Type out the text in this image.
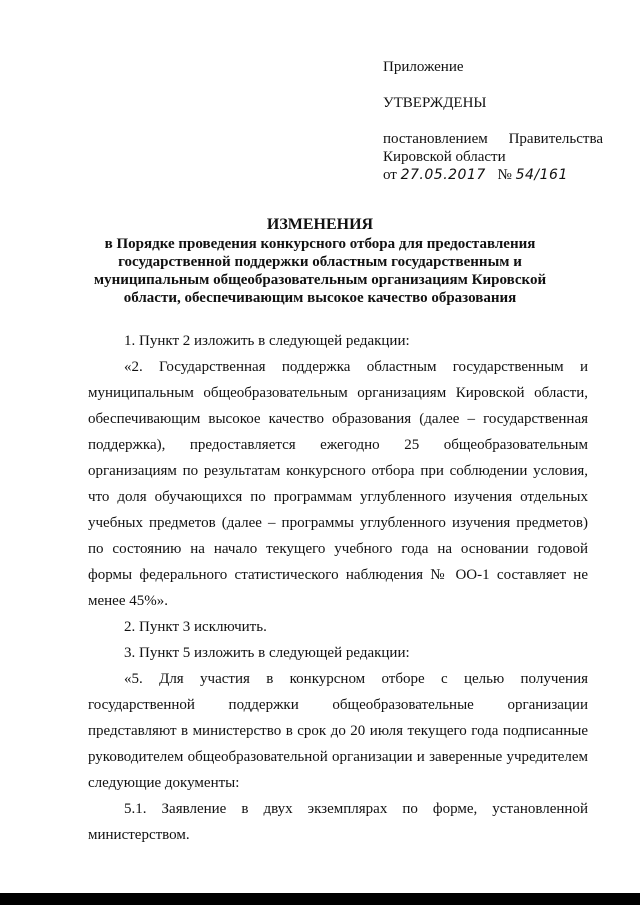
Приложение
УТВЕРЖДЕНЫ
постановлением Правительства
Кировской области
от 27.05.2017 № 54/161
ИЗМЕНЕНИЯ
в Порядке проведения конкурсного отбора для предоставления
государственной поддержки областным государственным и
муниципальным общеобразовательным организациям Кировской
области, обеспечивающим высокое качество образования

1. Пункт 2 изложить в следующей редакции:

«2. Государственная поддержка областным государственным и муниципальным общеобразовательным организациям Кировской области, обеспечивающим высокое качество образования (далее – государственная поддержка), предоставляется ежегодно 25 общеобразовательным организациям по результатам конкурсного отбора при соблюдении условия, что доля обучающихся по программам углубленного изучения отдельных учебных предметов (далее – программы углубленного изучения предметов) по состоянию на начало текущего учебного года на основании годовой формы федерального статистического наблюдения № ОО-1 составляет не менее 45%».

2. Пункт 3 исключить.

3. Пункт 5 изложить в следующей редакции:

«5. Для участия в конкурсном отборе с целью получения государственной поддержки общеобразовательные организации представляют в министерство в срок до 20 июля текущего года подписанные руководителем общеобразовательной организации и заверенные учредителем следующие документы:

5.1. Заявление в двух экземплярах по форме, установленной министерством.
